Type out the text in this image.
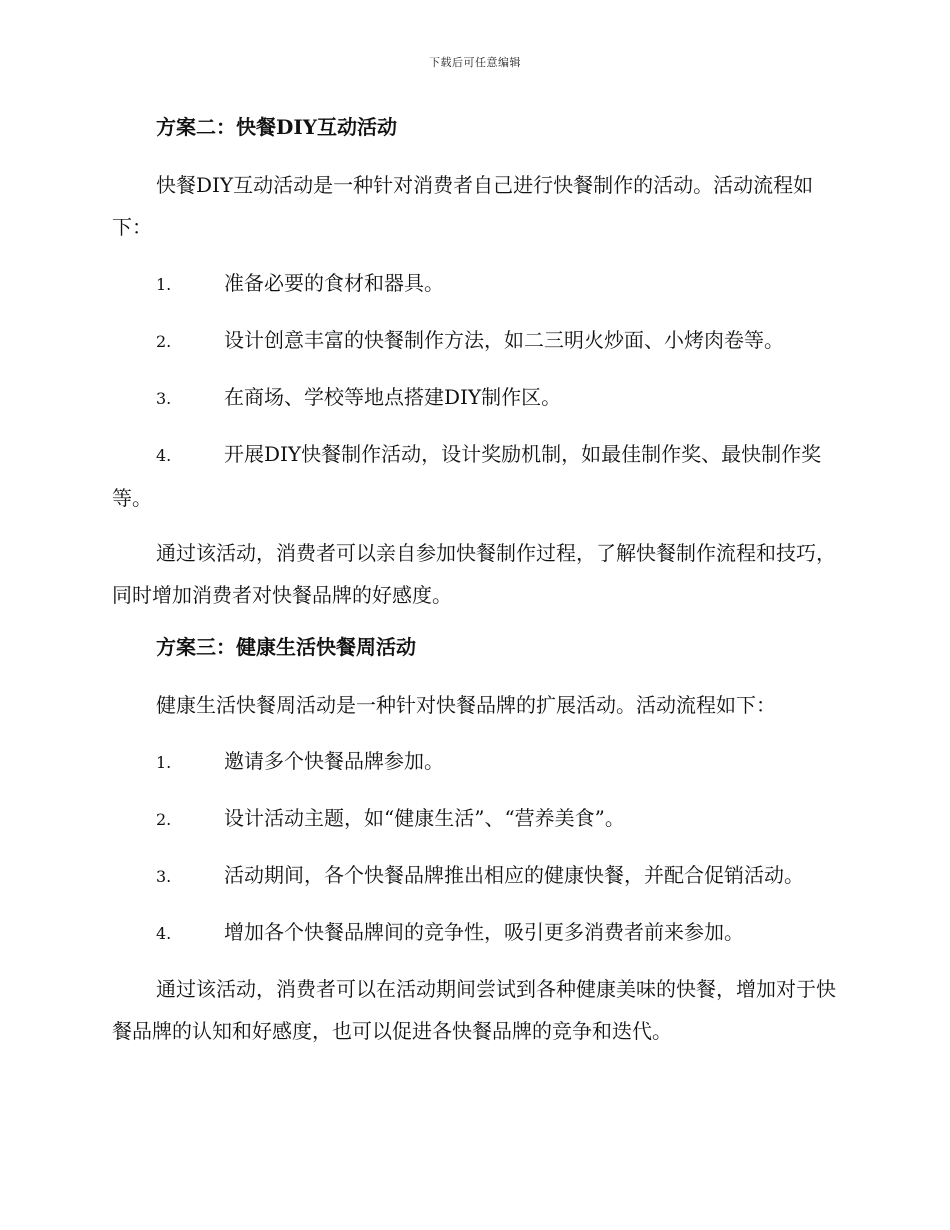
下载后可任意编辑
方案二：快餐DIY互动活动

快餐DIY互动活动是一种针对消费者自己进行快餐制作的活动。活动流程如下：

1.	准备必要的食材和器具。
2.	设计创意丰富的快餐制作方法，如二三明火炒面、小烤肉卷等。
3.	在商场、学校等地点搭建DIY制作区。
4.	开展DIY快餐制作活动，设计奖励机制，如最佳制作奖、最快制作奖等。

通过该活动，消费者可以亲自参加快餐制作过程，了解快餐制作流程和技巧，同时增加消费者对快餐品牌的好感度。

方案三：健康生活快餐周活动

健康生活快餐周活动是一种针对快餐品牌的扩展活动。活动流程如下：

1.	邀请多个快餐品牌参加。
2.	设计活动主题，如“健康生活”、“营养美食”。
3.	活动期间，各个快餐品牌推出相应的健康快餐，并配合促销活动。
4.	增加各个快餐品牌间的竞争性，吸引更多消费者前来参加。

通过该活动，消费者可以在活动期间尝试到各种健康美味的快餐，增加对于快餐品牌的认知和好感度，也可以促进各快餐品牌的竞争和迭代。
